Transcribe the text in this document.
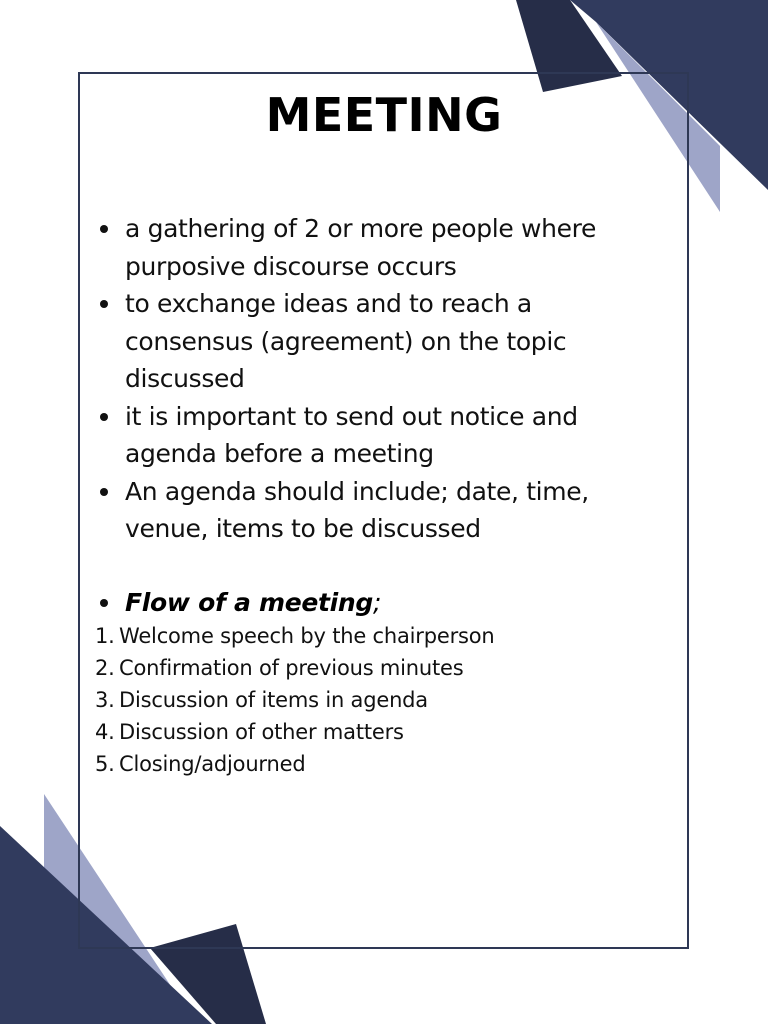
MEETING
a gathering of 2 or more people where
purposive discourse occurs
to exchange ideas and to reach a
consensus (agreement) on the topic
discussed
it is important to send out notice and
agenda before a meeting
An agenda should include; date, time,
venue, items to be discussed
Flow of a meeting;
1. Welcome speech by the chairperson
2. Confirmation of previous minutes
3. Discussion of items in agenda
4. Discussion of other matters
5. Closing/adjourned
